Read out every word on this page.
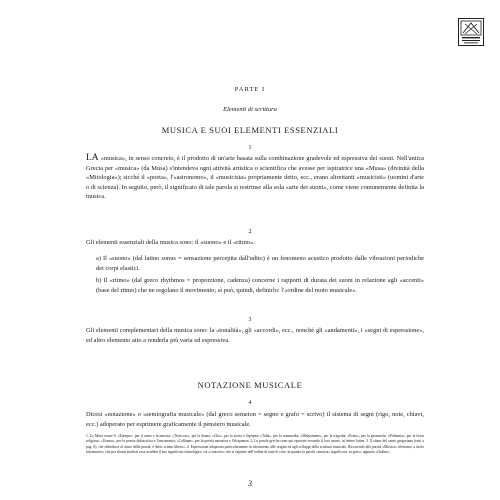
PARTE I
Elementi di scrittura
MUSICA E SUOI ELEMENTI ESSENZIALI
1
LA «musica», in senso concreto, è il prodotto di un'arte basata sulla combinazione gradevole ed espressiva dei suoni. Nell'antica Grecia per «musica» (da Musa) s'intendeva ogni attività artistica o scientifica che avesse per ispiratrice una «Musa» (divinità della «Mitologia»); sicché il «poeta», l'«astronomo», il «musicista» propriamente detto, ecc., erano altrettanti «musicisti» (uomini d'arte o di scienza). In seguito, però, il significato di tale parola si restrinse alla sola «arte dei suoni», come viene comunemente definita la musica.
2
Gli elementi essenziali della musica sono: il «suono» e il «ritmo».
a) Il «suono» (dal latino sonus = sensazione percepita dall'udito) è un fenomeno acustico prodotto dalle vibrazioni periodiche dei corpi elastici.
b) Il «ritmo» (dal greco rhythmos = proporzione, cadenza) concerne i rapporti di durata dei suoni in relazione agli «accenti» (base del ritmo) che ne regolano il movimento; sì può, quindi, definirlo: l'«ordine del moto musicale».
3
Gli elementi complementari della musica sono: la «tonalità», gli «accordi», ecc., nonché gli «andamenti», i «segni di espressione», ed altro elemento atto a renderla più varia ed espressiva.
NOTAZIONE MUSICALE
4
Dicesi «notazione» o «semiografia musicale» (dal greco semeion = segno e grafo = scrivo) il sistema di segni (rigo, note, chiavi, ecc.) adoperato per esprimere graficamente il pensiero musicale.
1. Le Muse erano 9: «Euterpe», per il canto e la musica; «Tersicore», per la danza; «Clio», per la storia e l'epopea; «Talia», per la commedia; «Melpomene», per la tragedia; «Erato», per la geometria; «Polimnia», per la lirica religiosa; «Urania», per la poesia didascalica e l'astronomia; «Calliope», per la poesia narrativa e l'eloquenza. 2. Le parole greche sono qui riportate secondo il loro suono, in lettere latine. 3. Il ritmo del canto gregoriano (retti a pag. 6), che obbedisce al ritmo della parola, è detto «ritmo libero». 4. Espressione adoperata particolarmente in riferimento alle origini ed agli sviluppi della scrittura musicale. Ricorrendo alla parola «Musica» riferiamo, a titolo informativo, che per alcuni studiosi essa avrebbe il suo significato etimologico col «concerto» che si esprime nell'ordine di tutte le cose, in quanto la parola «musica» significava, in greco, appunto «Ordine».
3
